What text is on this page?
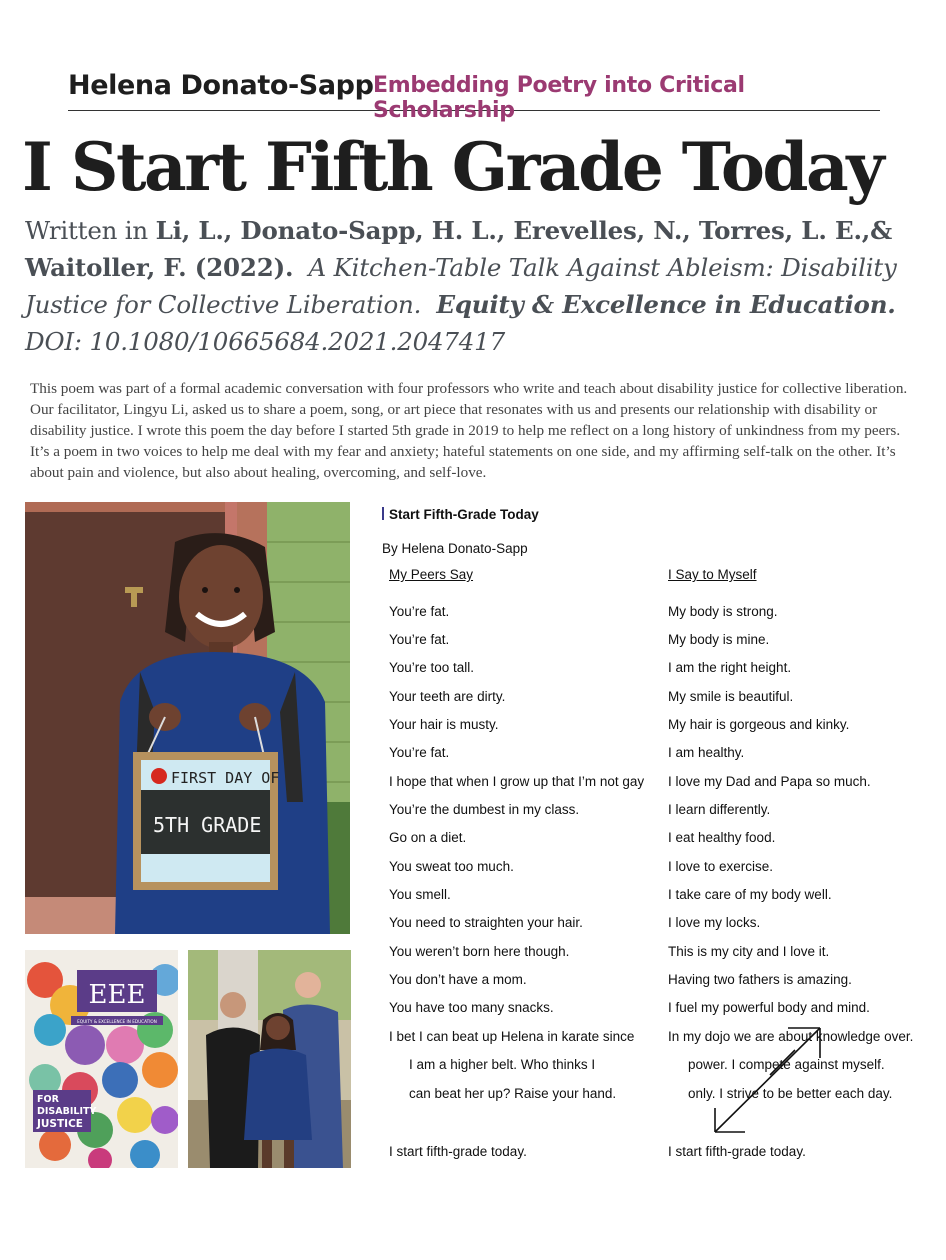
Helena Donato-Sapp Embedding Poetry into Critical Scholarship
I Start Fifth Grade Today
Written in Li, L., Donato-Sapp, H. L., Erevelles, N., Torres, L. E.,& Waitoller, F. (2022). A Kitchen-Table Talk Against Ableism: Disability Justice for Collective Liberation. Equity & Excellence in Education.  DOI: 10.1080/10665684.2021.2047417
This poem was part of a formal academic conversation with four professors who write and teach about disability justice for collective liberation. Our facilitator, Lingyu Li, asked us to share a poem, song, or art piece that resonates with us and presents our relationship with disability or disability justice. I wrote this poem the day before I started 5th grade in 2019 to help me reflect on a long history of unkindness from my peers. It’s a poem in two voices to help me deal with my fear and anxiety; hateful statements on one side, and my affirming self-talk on the other. It’s about pain and violence, but also about healing, overcoming, and self-love.
FIRST DAY OF
5TH GRADE
EEE
EQUITY & EXCELLENCE IN EDUCATION
FOR
DISABILITY
JUSTICE
Start Fifth-Grade Today
By Helena Donato-Sapp
My Peers Say	I Say to Myself
You’re fat.
You’re fat.
You’re too tall.
Your teeth are dirty.
Your hair is musty.
You’re fat.
I hope that when I grow up that I’m not gay
You’re the dumbest in my class.
Go on a diet.
You sweat too much.
You smell.
You need to straighten your hair.
You weren’t born here though.
You don’t have a mom.
You have too many snacks.
I bet I can beat up Helena in karate since
I am a higher belt. Who thinks I
can beat her up? Raise your hand.
I start fifth-grade today.
My body is strong.
My body is mine.
I am the right height.
My smile is beautiful.
My hair is gorgeous and kinky.
I am healthy.
I love my Dad and Papa so much.
I learn differently.
I eat healthy food.
I love to exercise.
I take care of my body well.
I love my locks.
This is my city and I love it.
Having two fathers is amazing.
I fuel my powerful body and mind.
In my dojo we are about knowledge over.
power. I compete against myself.
only. I strive to be better each day.
I start fifth-grade today.
